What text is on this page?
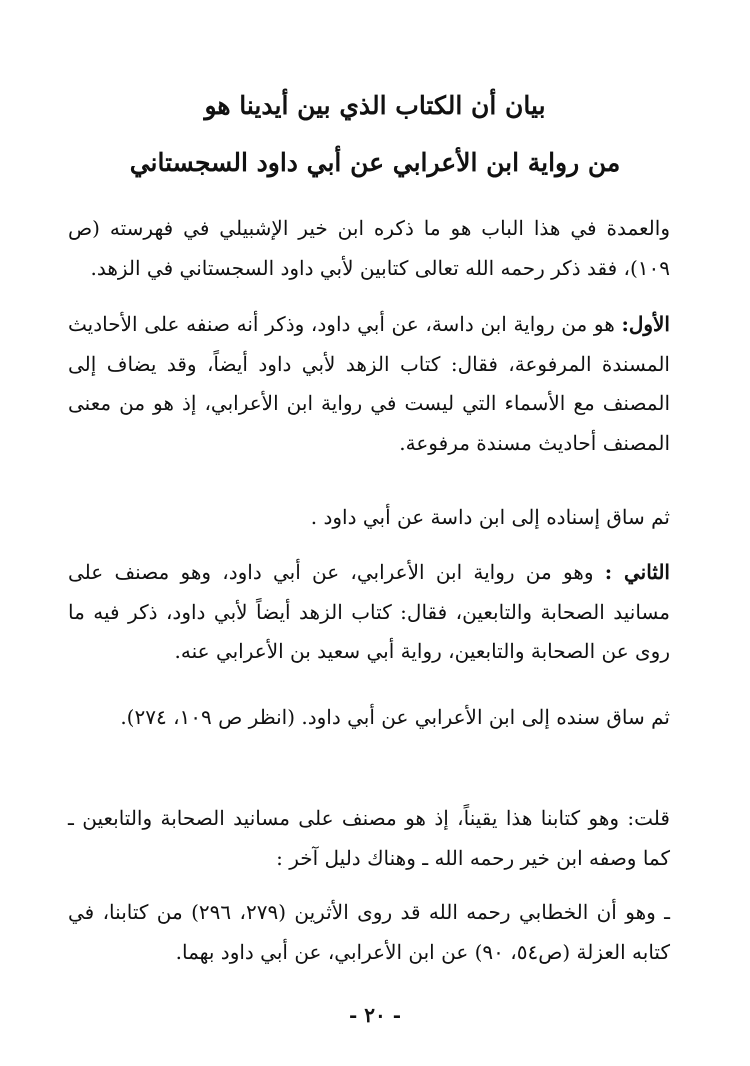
بيان أن الكتاب الذي بين أيدينا هو
من رواية ابن الأعرابي عن أبي داود السجستاني

والعمدة في هذا الباب هو ما ذكره ابن خير الإشبيلي في فهرسته (ص ١٠٩)، فقد ذكر رحمه الله تعالى كتابين لأبي داود السجستاني في الزهد.

الأول: هو من رواية ابن داسة، عن أبي داود، وذكر أنه صنفه على الأحاديث المسندة المرفوعة، فقال: كتاب الزهد لأبي داود أيضاً، وقد يضاف إلى المصنف مع الأسماء التي ليست في رواية ابن الأعرابي، إذ هو من معنى المصنف أحاديث مسندة مرفوعة.

ثم ساق إسناده إلى ابن داسة عن أبي داود .

الثاني : وهو من رواية ابن الأعرابي، عن أبي داود، وهو مصنف على مسانيد الصحابة والتابعين، فقال: كتاب الزهد أيضاً لأبي داود، ذكر فيه ما روى عن الصحابة والتابعين، رواية أبي سعيد بن الأعرابي عنه.

ثم ساق سنده إلى ابن الأعرابي عن أبي داود. (انظر ص ١٠٩، ٢٧٤).

قلت: وهو كتابنا هذا يقيناً، إذ هو مصنف على مسانيد الصحابة والتابعين ـ كما وصفه ابن خير رحمه الله ـ وهناك دليل آخر :

ـ وهو أن الخطابي رحمه الله قد روى الأثرين (٢٧٩، ٢٩٦) من كتابنا، في كتابه العزلة (ص٥٤، ٩٠) عن ابن الأعرابي، عن أبي داود بهما.

- ٢٠ -
